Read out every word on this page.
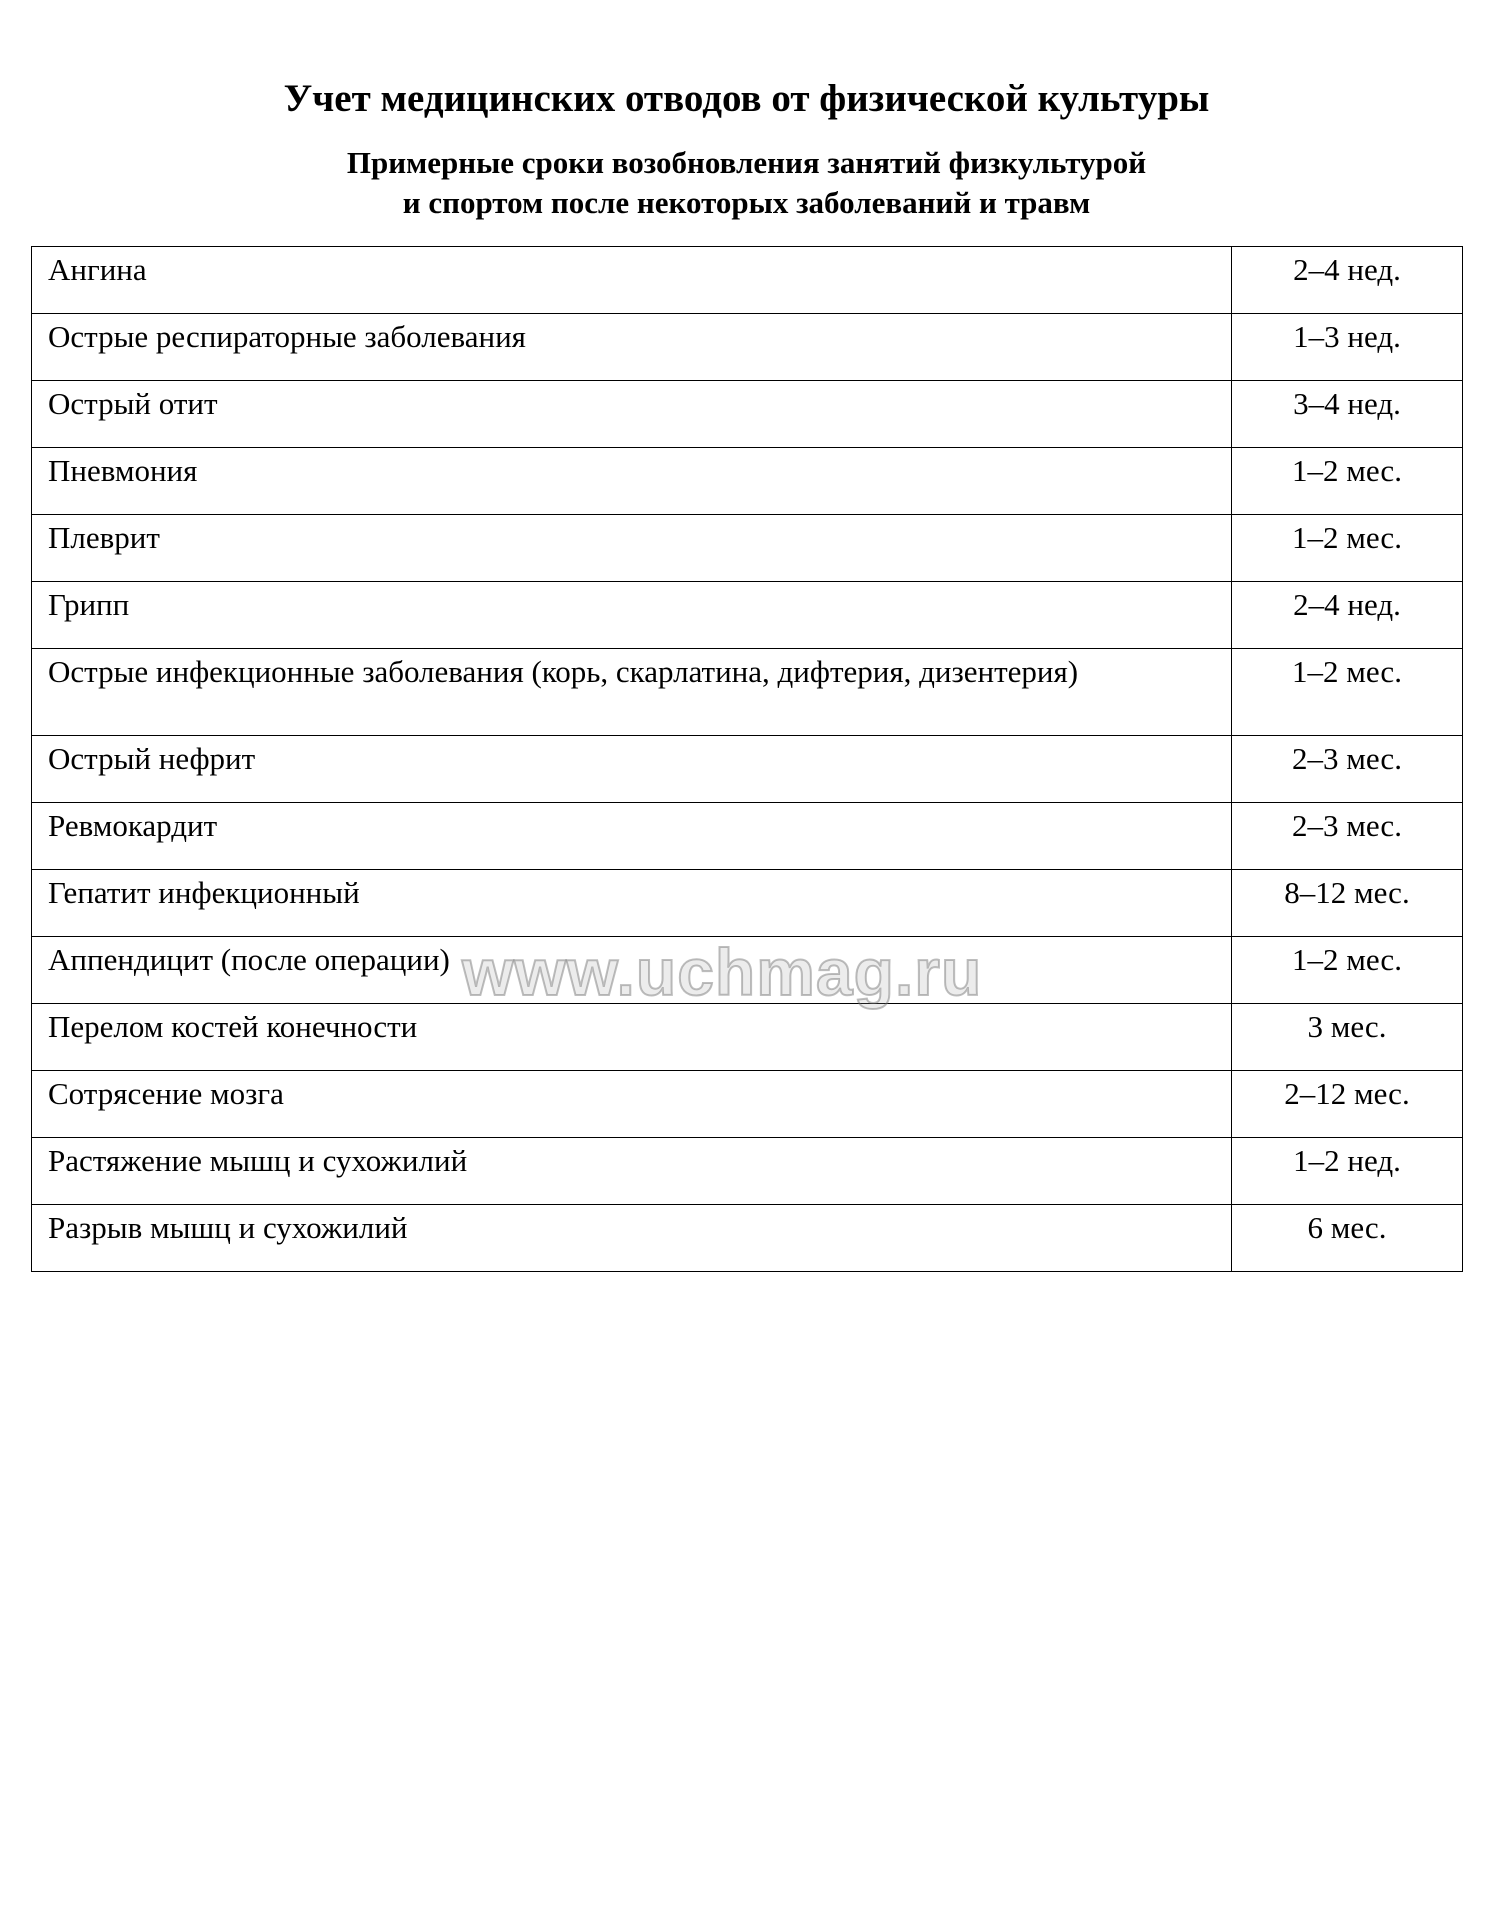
Учет медицинских отводов от физической культуры
Примерные сроки возобновления занятий физкультурой
и спортом после некоторых заболеваний и травм
Ангина	2–4 нед.
Острые респираторные заболевания	1–3 нед.
Острый отит	3–4 нед.
Пневмония	1–2 мес.
Плеврит	1–2 мес.
Грипп	2–4 нед.
Острые инфекционные заболевания (корь, скарлатина, дифтерия, дизентерия)	1–2 мес.
Острый нефрит	2–3 мес.
Ревмокардит	2–3 мес.
Гепатит инфекционный	8–12 мес.
Аппендицит (после операции)	1–2 мес.
Перелом костей конечности	3 мес.
Сотрясение мозга	2–12 мес.
Растяжение мышц и сухожилий	1–2 нед.
Разрыв мышц и сухожилий	6 мес.
www.uchmag.ru
